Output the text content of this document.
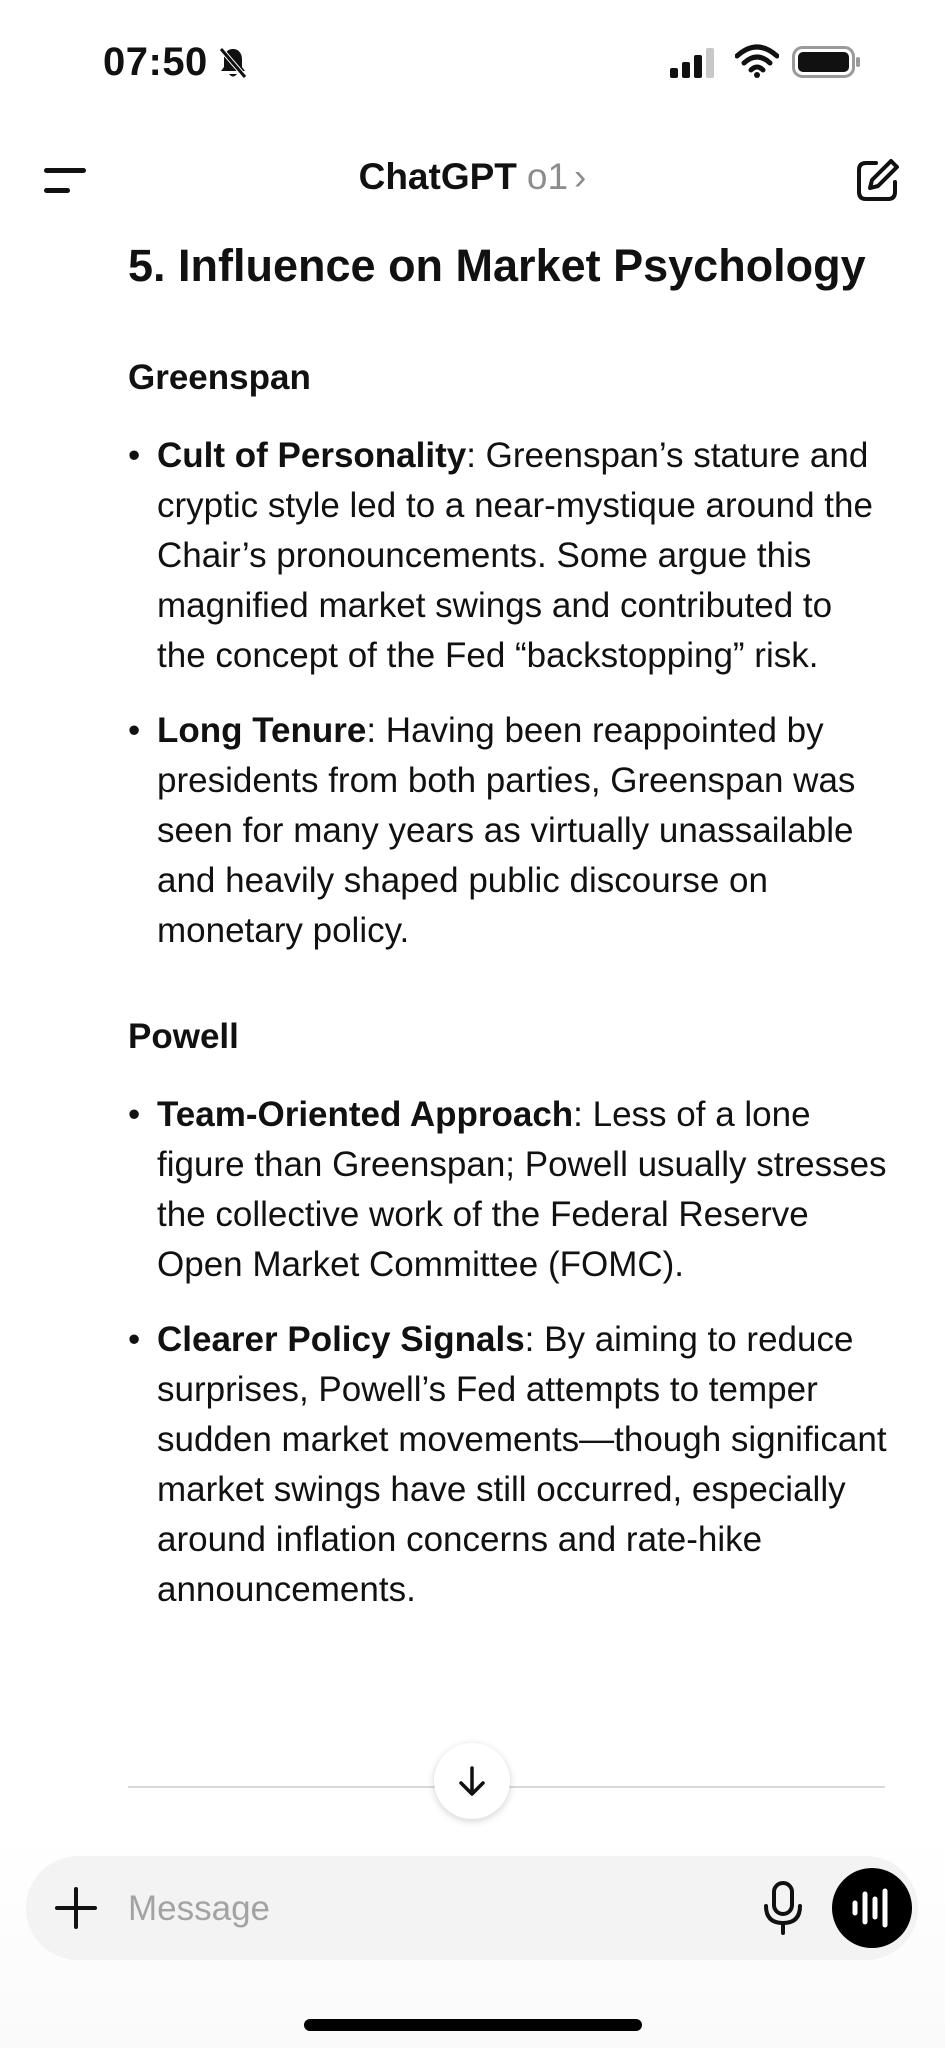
07:50
ChatGPT o1 ›
5. Influence on Market Psychology
Greenspan
• Cult of Personality: Greenspan’s stature and cryptic style led to a near-mystique around the Chair’s pronouncements. Some argue this magnified market swings and contributed to the concept of the Fed “backstopping” risk.
• Long Tenure: Having been reappointed by presidents from both parties, Greenspan was seen for many years as virtually unassailable and heavily shaped public discourse on monetary policy.
Powell
• Team-Oriented Approach: Less of a lone figure than Greenspan; Powell usually stresses the collective work of the Federal Reserve Open Market Committee (FOMC).
• Clearer Policy Signals: By aiming to reduce surprises, Powell’s Fed attempts to temper sudden market movements—though significant market swings have still occurred, especially around inflation concerns and rate-hike announcements.
Message
